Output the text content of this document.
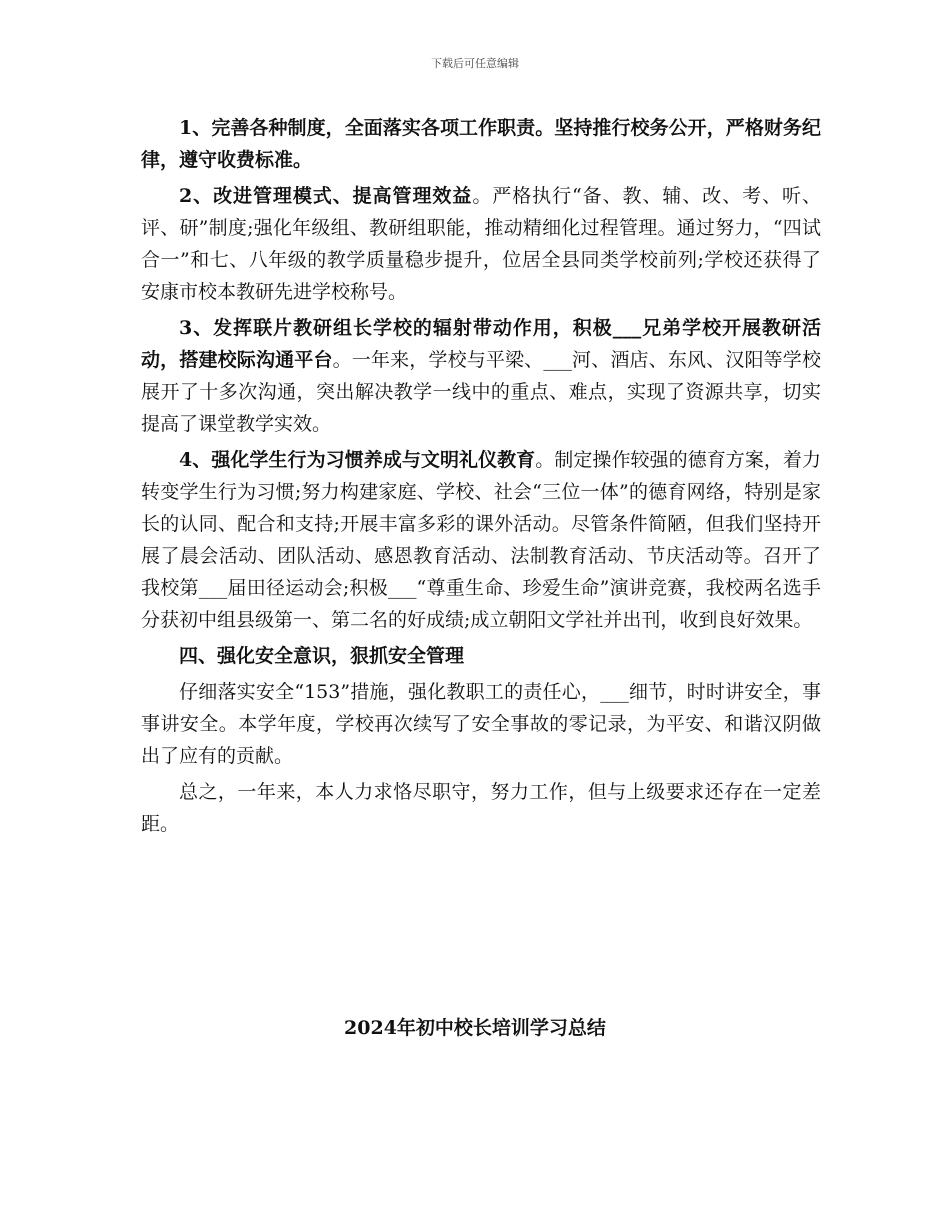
下载后可任意编辑

1、完善各种制度，全面落实各项工作职责。坚持推行校务公开，严格财务纪律，遵守收费标准。

2、改进管理模式、提高管理效益。严格执行“备、教、辅、改、考、听、评、研”制度;强化年级组、教研组职能，推动精细化过程管理。通过努力，“四试合一”和七、八年级的教学质量稳步提升，位居全县同类学校前列;学校还获得了安康市校本教研先进学校称号。

3、发挥联片教研组长学校的辐射带动作用，积极___兄弟学校开展教研活动，搭建校际沟通平台。一年来，学校与平梁、___河、酒店、东风、汉阳等学校展开了十多次沟通，突出解决教学一线中的重点、难点，实现了资源共享，切实提高了课堂教学实效。

4、强化学生行为习惯养成与文明礼仪教育。制定操作较强的德育方案，着力转变学生行为习惯;努力构建家庭、学校、社会“三位一体”的德育网络，特别是家长的认同、配合和支持;开展丰富多彩的课外活动。尽管条件简陋，但我们坚持开展了晨会活动、团队活动、感恩教育活动、法制教育活动、节庆活动等。召开了我校第___届田径运动会;积极___“尊重生命、珍爱生命”演讲竞赛，我校两名选手分获初中组县级第一、第二名的好成绩;成立朝阳文学社并出刊，收到良好效果。

四、强化安全意识，狠抓安全管理

仔细落实安全“153”措施，强化教职工的责任心，___细节，时时讲安全，事事讲安全。本学年度，学校再次续写了安全事故的零记录，为平安、和谐汉阴做出了应有的贡献。

总之，一年来，本人力求恪尽职守，努力工作，但与上级要求还存在一定差距。

2024年初中校长培训学习总结
